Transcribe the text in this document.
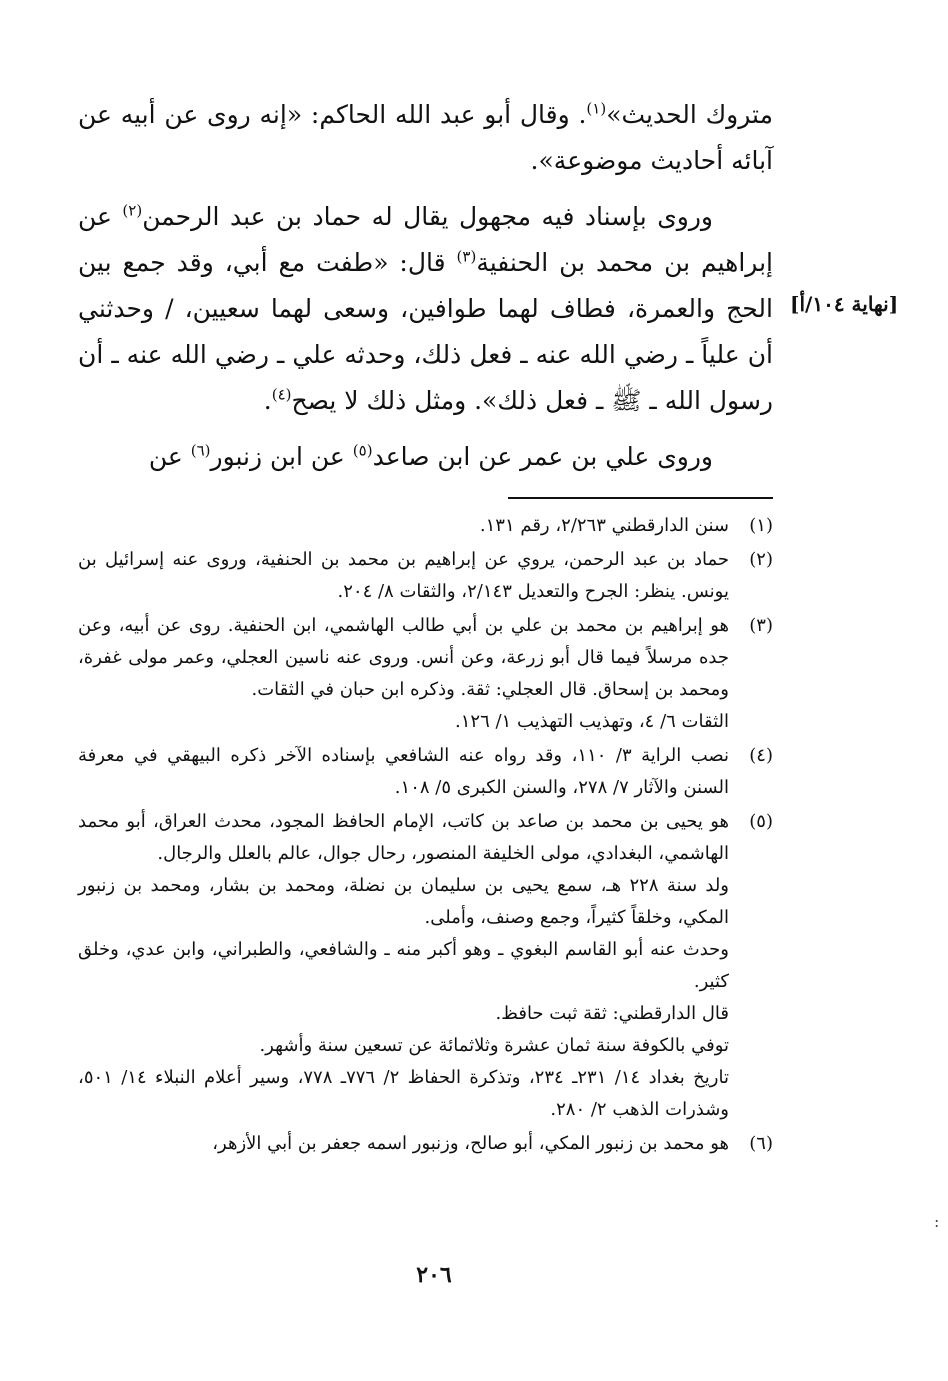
متروك الحديث»$^{(١)}$. وقال أبو عبد الله الحاكم: «إنه روى عن أبيه عن آبائه أحاديث موضوعة».

وروى بإسناد فيه مجهول يقال له حماد بن عبد الرحمن$^{(٢)}$ عن إبراهيم بن محمد بن الحنفية$^{(٣)}$ قال: «طفت مع أبي، وقد جمع بين الحج والعمرة، فطاف لهما طوافين، وسعى لهما سعيين، / وحدثني أن علياً ـ رضي الله عنه ـ فعل ذلك، وحدثه علي ـ رضي الله عنه ـ أن رسول الله ـ ﷺ ـ فعل ذلك». ومثل ذلك لا يصح$^{(٤)}$.

وروى علي بن عمر عن ابن صاعد$^{(٥)}$ عن ابن زنبور$^{(٦)}$ عن

[نهاية ١٠٤/أ]
(١)
سنن الدارقطني ٢/٢٦٣، رقم ١٣١.
(٢)
حماد بن عبد الرحمن، يروي عن إبراهيم بن محمد بن الحنفية، وروى عنه إسرائيل بن يونس. ينظر: الجرح والتعديل ٢/١٤٣، والثقات ٨/ ٢٠٤.
(٣)
هو إبراهيم بن محمد بن علي بن أبي طالب الهاشمي، ابن الحنفية. روى عن أبيه، وعن جده مرسلاً فيما قال أبو زرعة، وعن أنس. وروى عنه ناسين العجلي، وعمر مولى غفرة، ومحمد بن إسحاق. قال العجلي: ثقة. وذكره ابن حبان في الثقات.
الثقات ٦/ ٤، وتهذيب التهذيب ١/ ١٢٦.
(٤)
نصب الراية ٣/ ١١٠، وقد رواه عنه الشافعي بإسناده الآخر ذكره البيهقي في معرفة السنن والآثار ٧/ ٢٧٨، والسنن الكبرى ٥/ ١٠٨.
(٥)
هو يحيى بن محمد بن صاعد بن كاتب، الإمام الحافظ المجود، محدث العراق، أبو محمد الهاشمي، البغدادي، مولى الخليفة المنصور، رحال جوال، عالم بالعلل والرجال.
ولد سنة ٢٢٨ هـ، سمع يحيى بن سليمان بن نضلة، ومحمد بن بشار، ومحمد بن زنبور المكي، وخلقاً كثيراً، وجمع وصنف، وأملى.
وحدث عنه أبو القاسم البغوي ـ وهو أكبر منه ـ والشافعي، والطبراني، وابن عدي، وخلق كثير.
قال الدارقطني: ثقة ثبت حافظ.
توفي بالكوفة سنة ثمان عشرة وثلاثمائة عن تسعين سنة وأشهر.
تاريخ بغداد ١٤/ ٢٣١ـ ٢٣٤، وتذكرة الحفاظ ٢/ ٧٧٦ـ ٧٧٨، وسير أعلام النبلاء ١٤/ ٥٠١، وشذرات الذهب ٢/ ٢٨٠.
(٦)
هو محمد بن زنبور المكي، أبو صالح، وزنبور اسمه جعفر بن أبي الأزهر،
٢٠٦
:
